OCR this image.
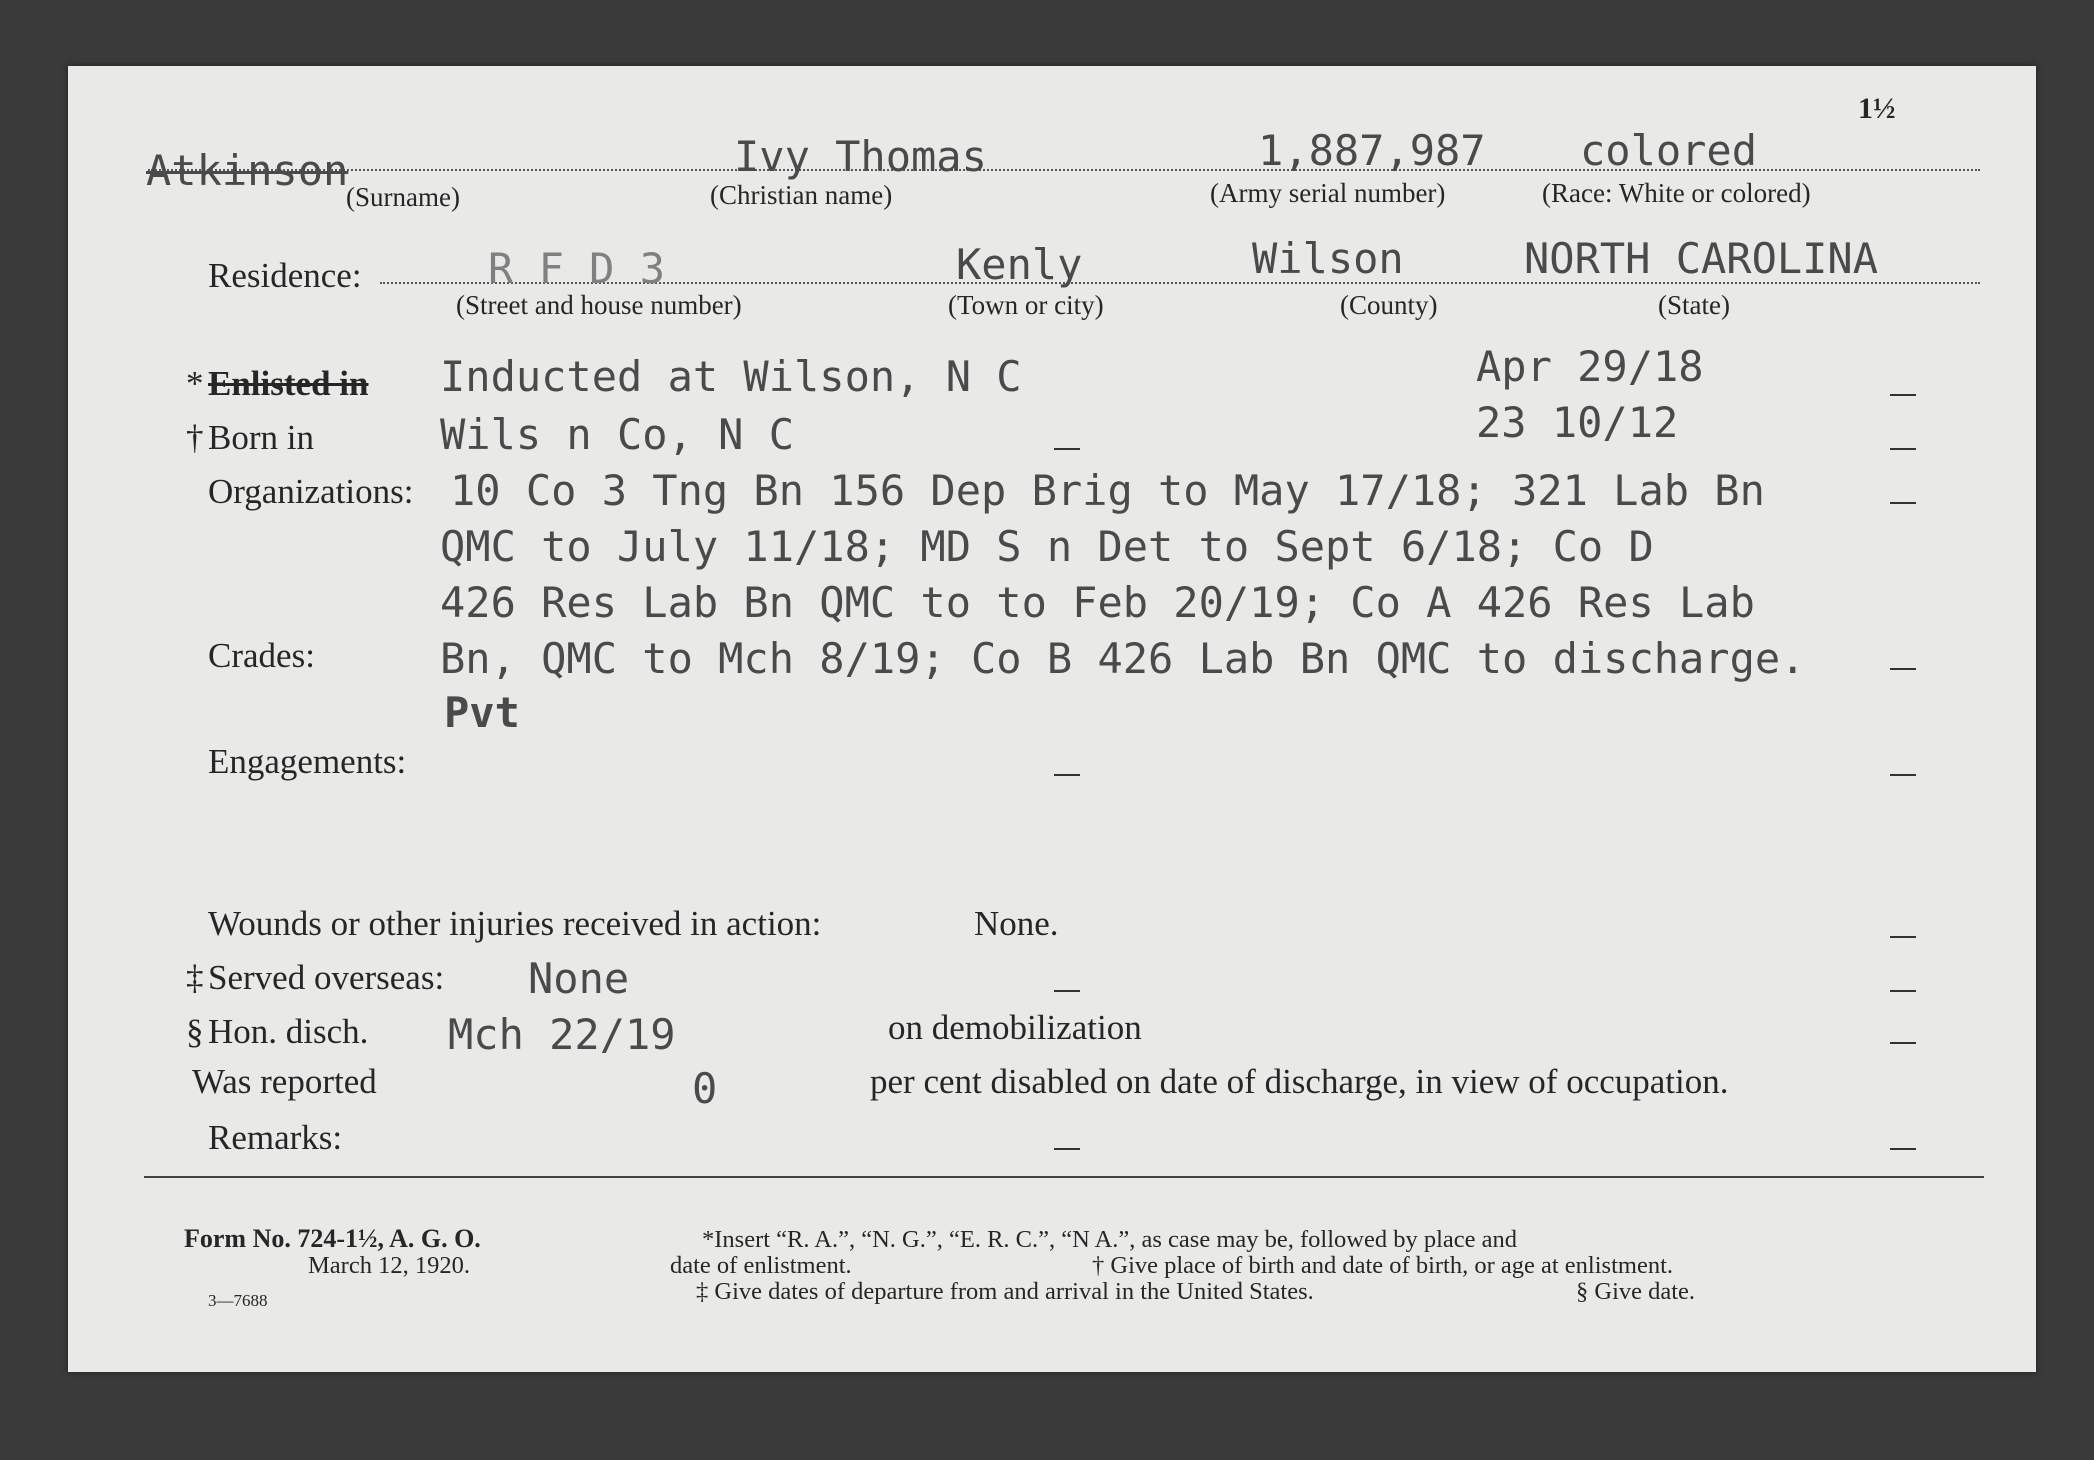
1½
Atkinson	Ivy Thomas	1,887,987 colored
(Surname)	(Christian name)	(Army serial number)	(Race: White or colored)
Residence:	R F D 3	Kenly	Wilson	NORTH CAROLINA
(Street and house number)	(Town or city)	(County)	(State)
* Enlisted in Inducted at Wilson, N C	Apr 29/18
† Born in	Wils n Co, N C	23 10/12
Organizations: 10 Co 3 Tng Bn 156 Dep Brig to May 17/18; 321 Lab Bn
QMC to July 11/18; MD S n Det to Sept 6/18; Co D
426 Res Lab Bn QMC to to Feb 20/19; Co A 426 Res Lab
Bn, QMC to Mch 8/19; Co B 426 Lab Bn QMC to discharge.
Crades:
Pvt
Engagements:
Wounds or other injuries received in action:	None.
‡ Served overseas: None
§ Hon. disch. Mch 22/19	on demobilization
Was reported	0	per cent disabled on date of discharge, in view of occupation.
Remarks:
Form No. 724-1½, A. G. O.
March 12, 1920.
3—7688
*Insert “R. A.”, “N. G.”, “E. R. C.”, “N A.”, as case may be, followed by place and
date of enlistment.	† Give place of birth and date of birth, or age at enlistment.
‡ Give dates of departure from and arrival in the United States.	§ Give date.
